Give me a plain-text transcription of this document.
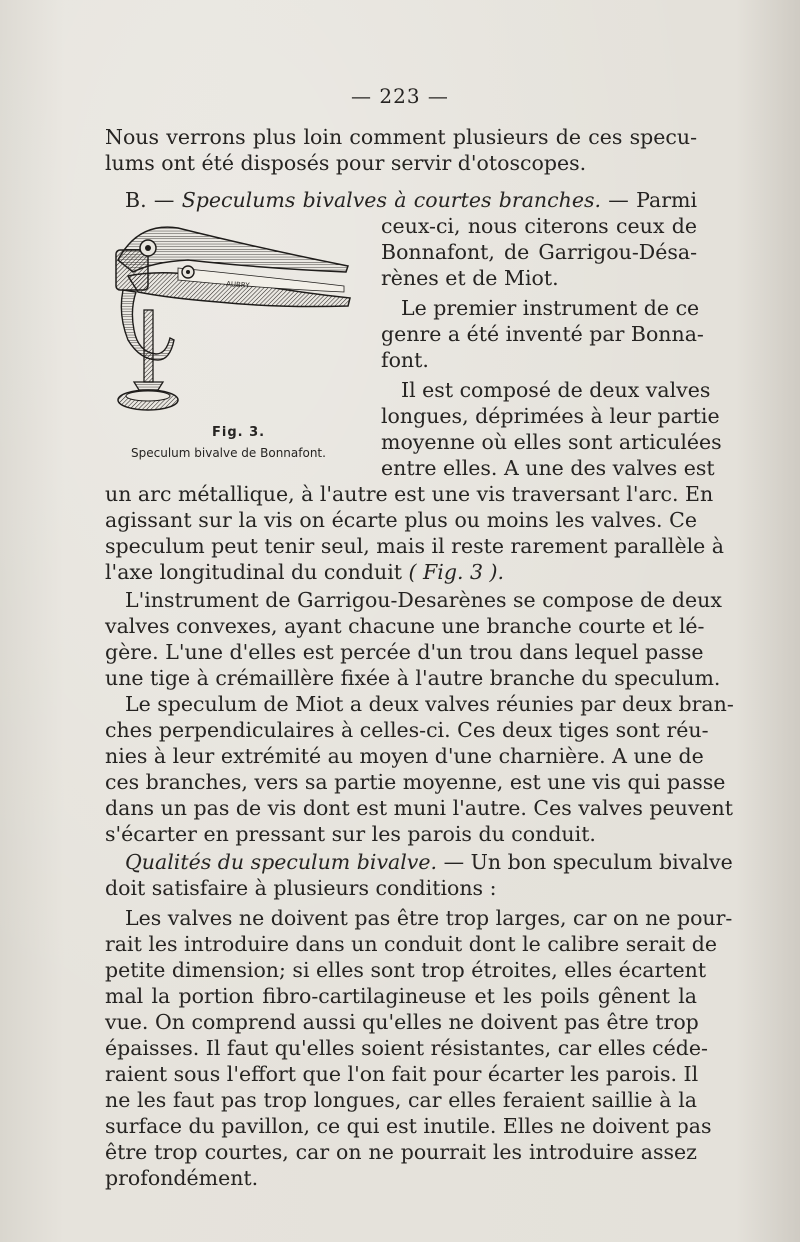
— 223 —
Nous verrons plus loin comment plusieurs de ces specu-
lums ont été disposés pour servir d'otoscopes.
B. — Speculums bivalves à courtes branches. — Parmi
ceux-ci, nous citerons ceux de
Bonnafont, de Garrigou-Désa-
rènes et de Miot.
Le premier instrument de ce
genre a été inventé par Bonna-
font.
Il est composé de deux valves
longues, déprimées à leur partie
moyenne où elles sont articulées
entre elles. A une des valves est
AUBRY
Fig. 3.
Speculum bivalve de Bonnafont.
un arc métallique, à l'autre est une vis traversant l'arc. En
agissant sur la vis on écarte plus ou moins les valves. Ce
speculum peut tenir seul, mais il reste rarement parallèle à
l'axe longitudinal du conduit ( Fig. 3 ).
L'instrument de Garrigou-Desarènes se compose de deux
valves convexes, ayant chacune une branche courte et lé-
gère. L'une d'elles est percée d'un trou dans lequel passe
une tige à crémaillère fixée à l'autre branche du speculum.
Le speculum de Miot a deux valves réunies par deux bran-
ches perpendiculaires à celles-ci. Ces deux tiges sont réu-
nies à leur extrémité au moyen d'une charnière. A une de
ces branches, vers sa partie moyenne, est une vis qui passe
dans un pas de vis dont est muni l'autre. Ces valves peuvent
s'écarter en pressant sur les parois du conduit.
Qualités du speculum bivalve. — Un bon speculum bivalve
doit satisfaire à plusieurs conditions :
Les valves ne doivent pas être trop larges, car on ne pour-
rait les introduire dans un conduit dont le calibre serait de
petite dimension; si elles sont trop étroites, elles écartent
mal la portion fibro-cartilagineuse et les poils gênent la
vue. On comprend aussi qu'elles ne doivent pas être trop
épaisses. Il faut qu'elles soient résistantes, car elles céde-
raient sous l'effort que l'on fait pour écarter les parois. Il
ne les faut pas trop longues, car elles feraient saillie à la
surface du pavillon, ce qui est inutile. Elles ne doivent pas
être trop courtes, car on ne pourrait les introduire assez
profondément.
